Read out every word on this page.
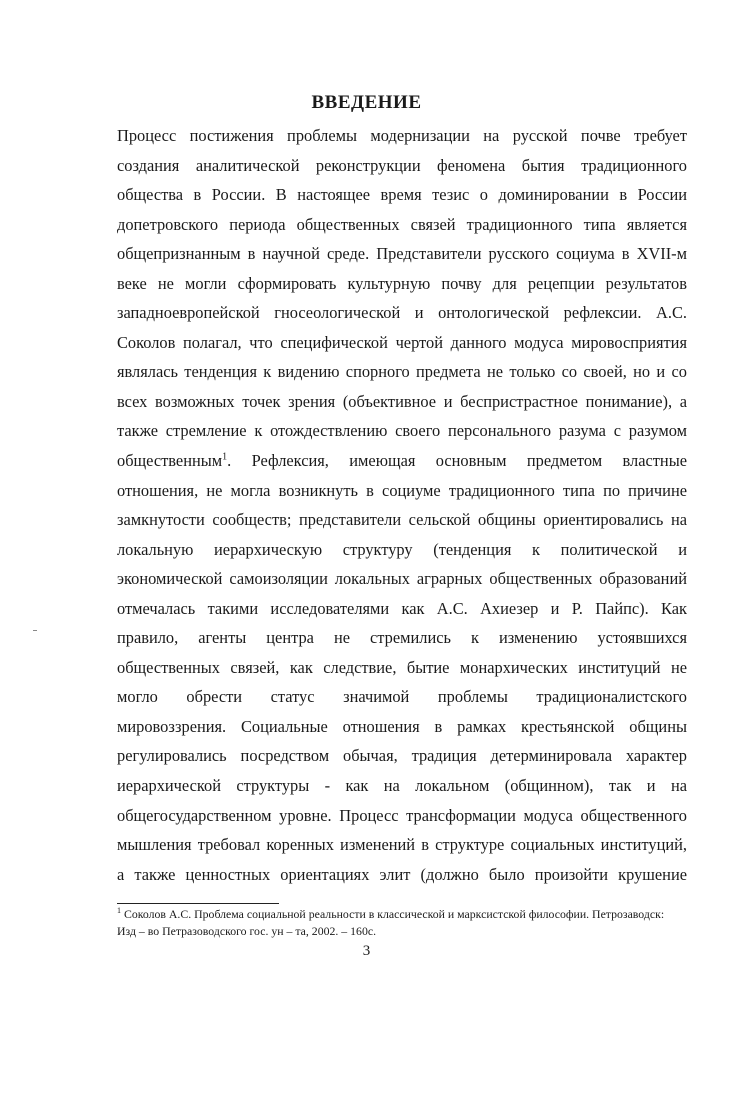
ВВЕДЕНИЕ
Процесс постижения проблемы модернизации на русской почве требует
создания аналитической реконструкции феномена бытия традиционного
общества в России. В настоящее время тезис о доминировании в России
допетровского периода общественных связей традиционного типа является
общепризнанным в научной среде. Представители русского социума в XVII-м
веке не могли сформировать культурную почву для рецепции результатов
западноевропейской гносеологической и онтологической рефлексии. А.С.
Соколов полагал, что специфической чертой данного модуса мировосприятия
являлась тенденция к видению спорного предмета не только со своей, но и со
всех возможных точек зрения (объективное и беспристрастное понимание), а
также стремление к отождествлению своего персонального разума с разумом
общественным$^1$. Рефлексия, имеющая основным предметом властные
отношения, не могла возникнуть в социуме традиционного типа по причине
замкнутости сообществ; представители сельской общины ориентировались на
локальную иерархическую структуру (тенденция к политической и
экономической самоизоляции локальных аграрных общественных образований
отмечалась такими исследователями как А.С. Ахиезер и Р. Пайпс). Как
правило, агенты центра не стремились к изменению устоявшихся
общественных связей, как следствие, бытие монархических институций не
могло обрести статус значимой проблемы традиционалистского
мировоззрения. Социальные отношения в рамках крестьянской общины
регулировались посредством обычая, традиция детерминировала характер
иерархической структуры - как на локальном (общинном), так и на
общегосударственном уровне. Процесс трансформации модуса общественного
мышления требовал коренных изменений в структуре социальных институций,
а также ценностных ориентациях элит (должно было произойти крушение
$^1$ Соколов А.С. Проблема социальной реальности в классической и марксистской философии. Петрозаводск:
Изд – во Петразоводского гос. ун – та, 2002. – 160с.
3
